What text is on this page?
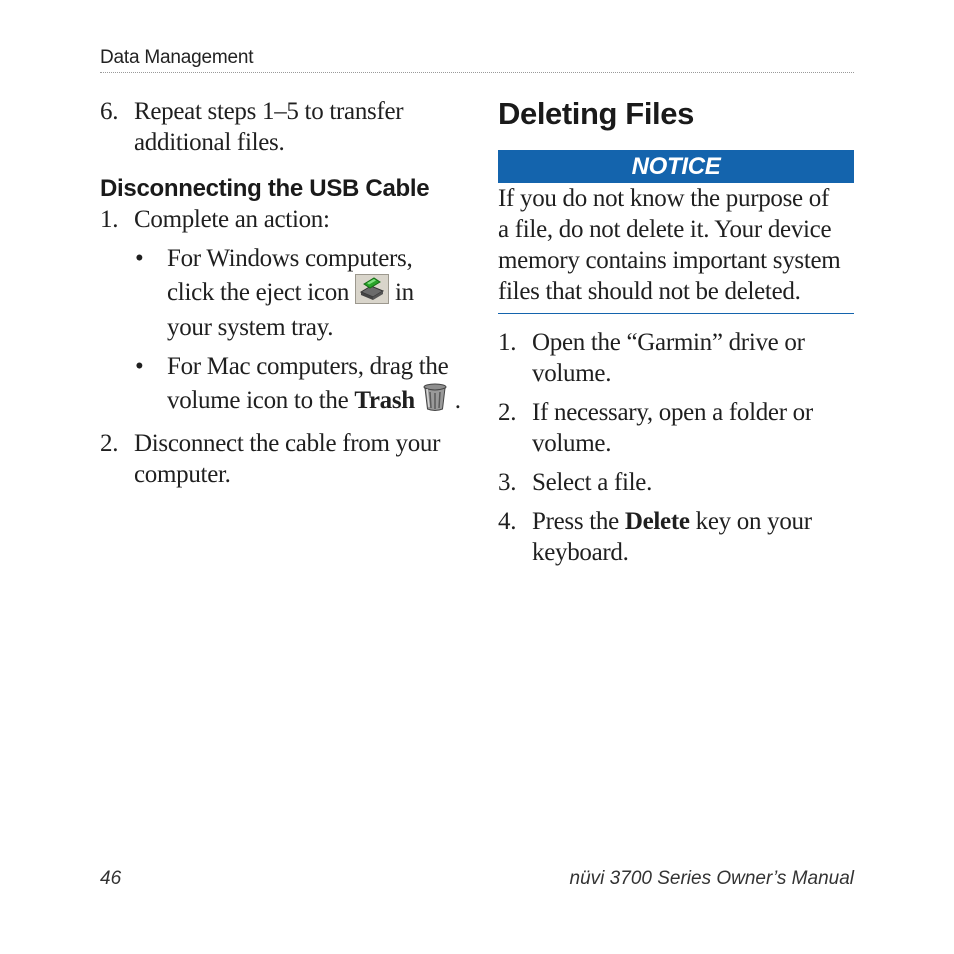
Data Management
6. Repeat steps 1–5 to transfer
additional files.
Disconnecting the USB Cable
1. Complete an action:
• For Windows computers,
click the eject icon in
your system tray.
• For Mac computers, drag the
volume icon to the Trash .
2. Disconnect the cable from your
computer.
Deleting Files
NOTICE
If you do not know the purpose of
a file, do not delete it. Your device
memory contains important system
files that should not be deleted.
1. Open the “Garmin” drive or
volume.
2. If necessary, open a folder or
volume.
3. Select a file.
4. Press the Delete key on your
keyboard.
46	nüvi 3700 Series Owner’s Manual
